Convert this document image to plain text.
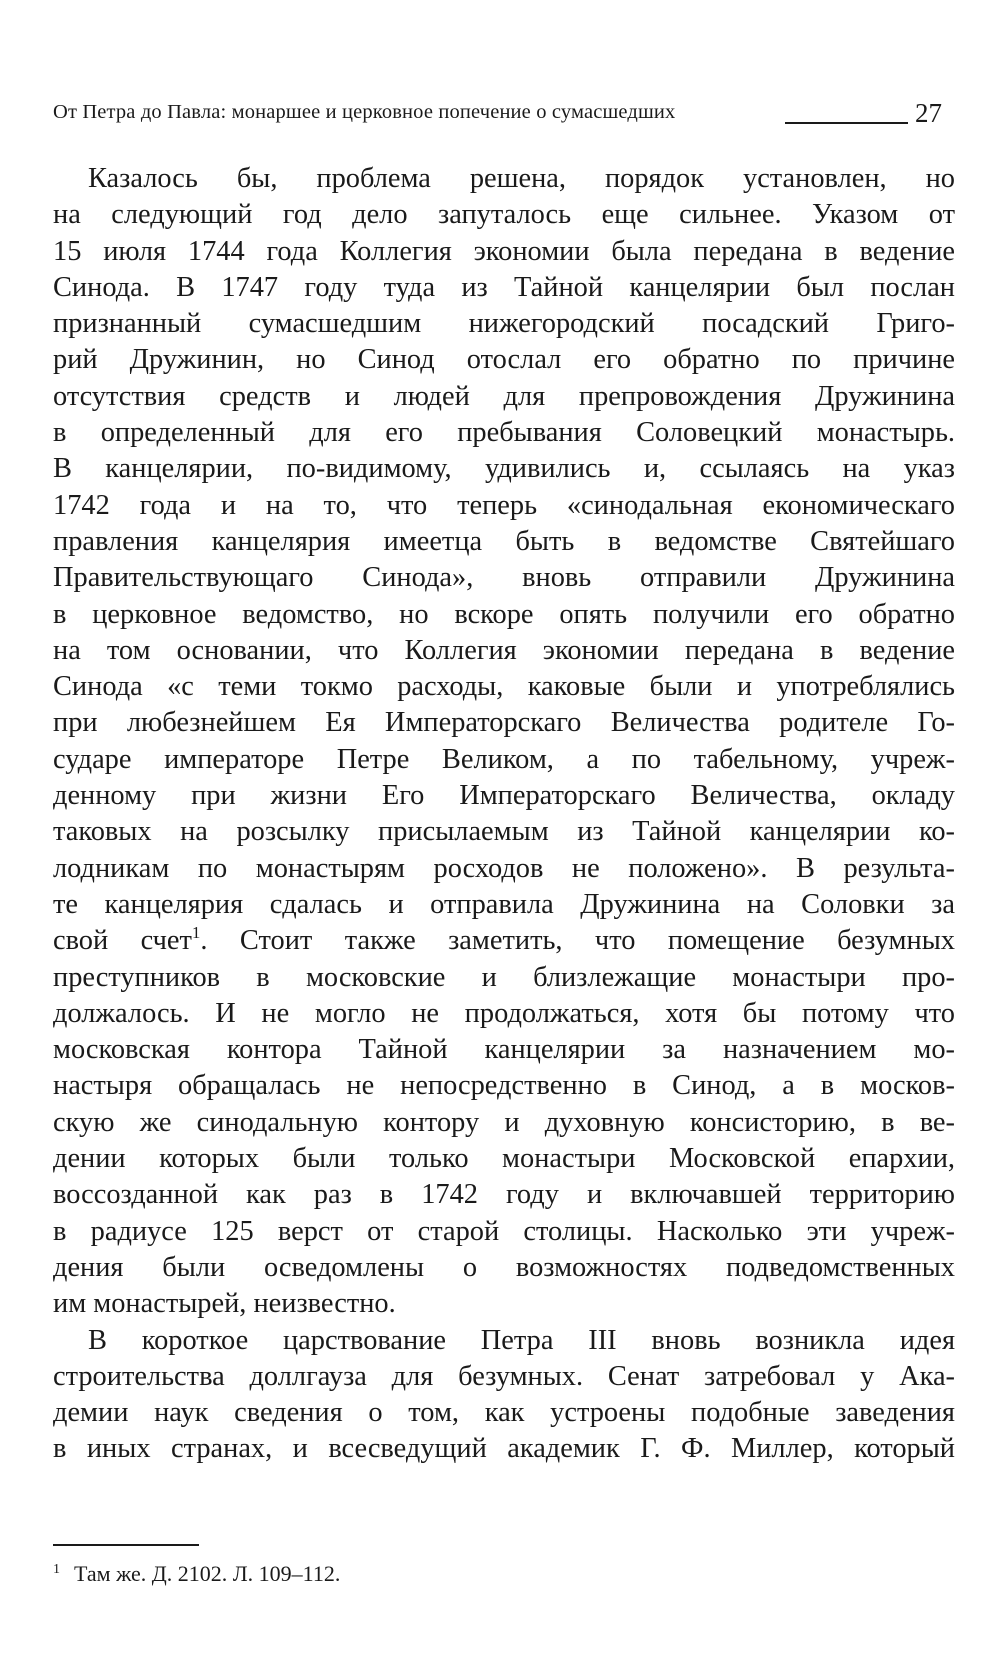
От Петра до Павла: монаршее и церковное попечение о сумасшедших	27

Казалось бы, проблема решена, порядок установлен, но
на следующий год дело запуталось еще сильнее. Указом от
15 июля 1744 года Коллегия экономии была передана в ведение
Синода. В 1747 году туда из Тайной канцелярии был послан
признанный сумасшедшим нижегородский посадский Григо-
рий Дружинин, но Синод отослал его обратно по причине
отсутствия средств и людей для препровождения Дружинина
в определенный для его пребывания Соловецкий монастырь.
В канцелярии, по-видимому, удивились и, ссылаясь на указ
1742 года и на то, что теперь «синодальная економическаго
правления канцелярия имеетца быть в ведомстве Святейшаго
Правительствующаго Синода», вновь отправили Дружинина
в церковное ведомство, но вскоре опять получили его обратно
на том основании, что Коллегия экономии передана в ведение
Синода «с теми токмо расходы, каковые были и употреблялись
при любезнейшем Ея Императорскаго Величества родителе Го-
сударе императоре Петре Великом, а по табельному, учреж-
денному при жизни Его Императорскаго Величества, окладу
таковых на розсылку присылаемым из Тайной канцелярии ко-
лодникам по монастырям росходов не положено». В результа-
те канцелярия сдалась и отправила Дружинина на Соловки за
свой счет$^1$. Стоит также заметить, что помещение безумных
преступников в московские и близлежащие монастыри про-
должалось. И не могло не продолжаться, хотя бы потому что
московская контора Тайной канцелярии за назначением мо-
настыря обращалась не непосредственно в Синод, а в москов-
скую же синодальную контору и духовную консисторию, в ве-
дении которых были только монастыри Московской епархии,
воссозданной как раз в 1742 году и включавшей территорию
в радиусе 125 верст от старой столицы. Насколько эти учреж-
дения были осведомлены о возможностях подведомственных
им монастырей, неизвестно.

В короткое царствование Петра III вновь возникла идея
строительства доллгауза для безумных. Сенат затребовал у Ака-
демии наук сведения о том, как устроены подобные заведения
в иных странах, и всесведущий академик Г. Ф. Миллер, который

$^1$ Там же. Д. 2102. Л. 109–112.
